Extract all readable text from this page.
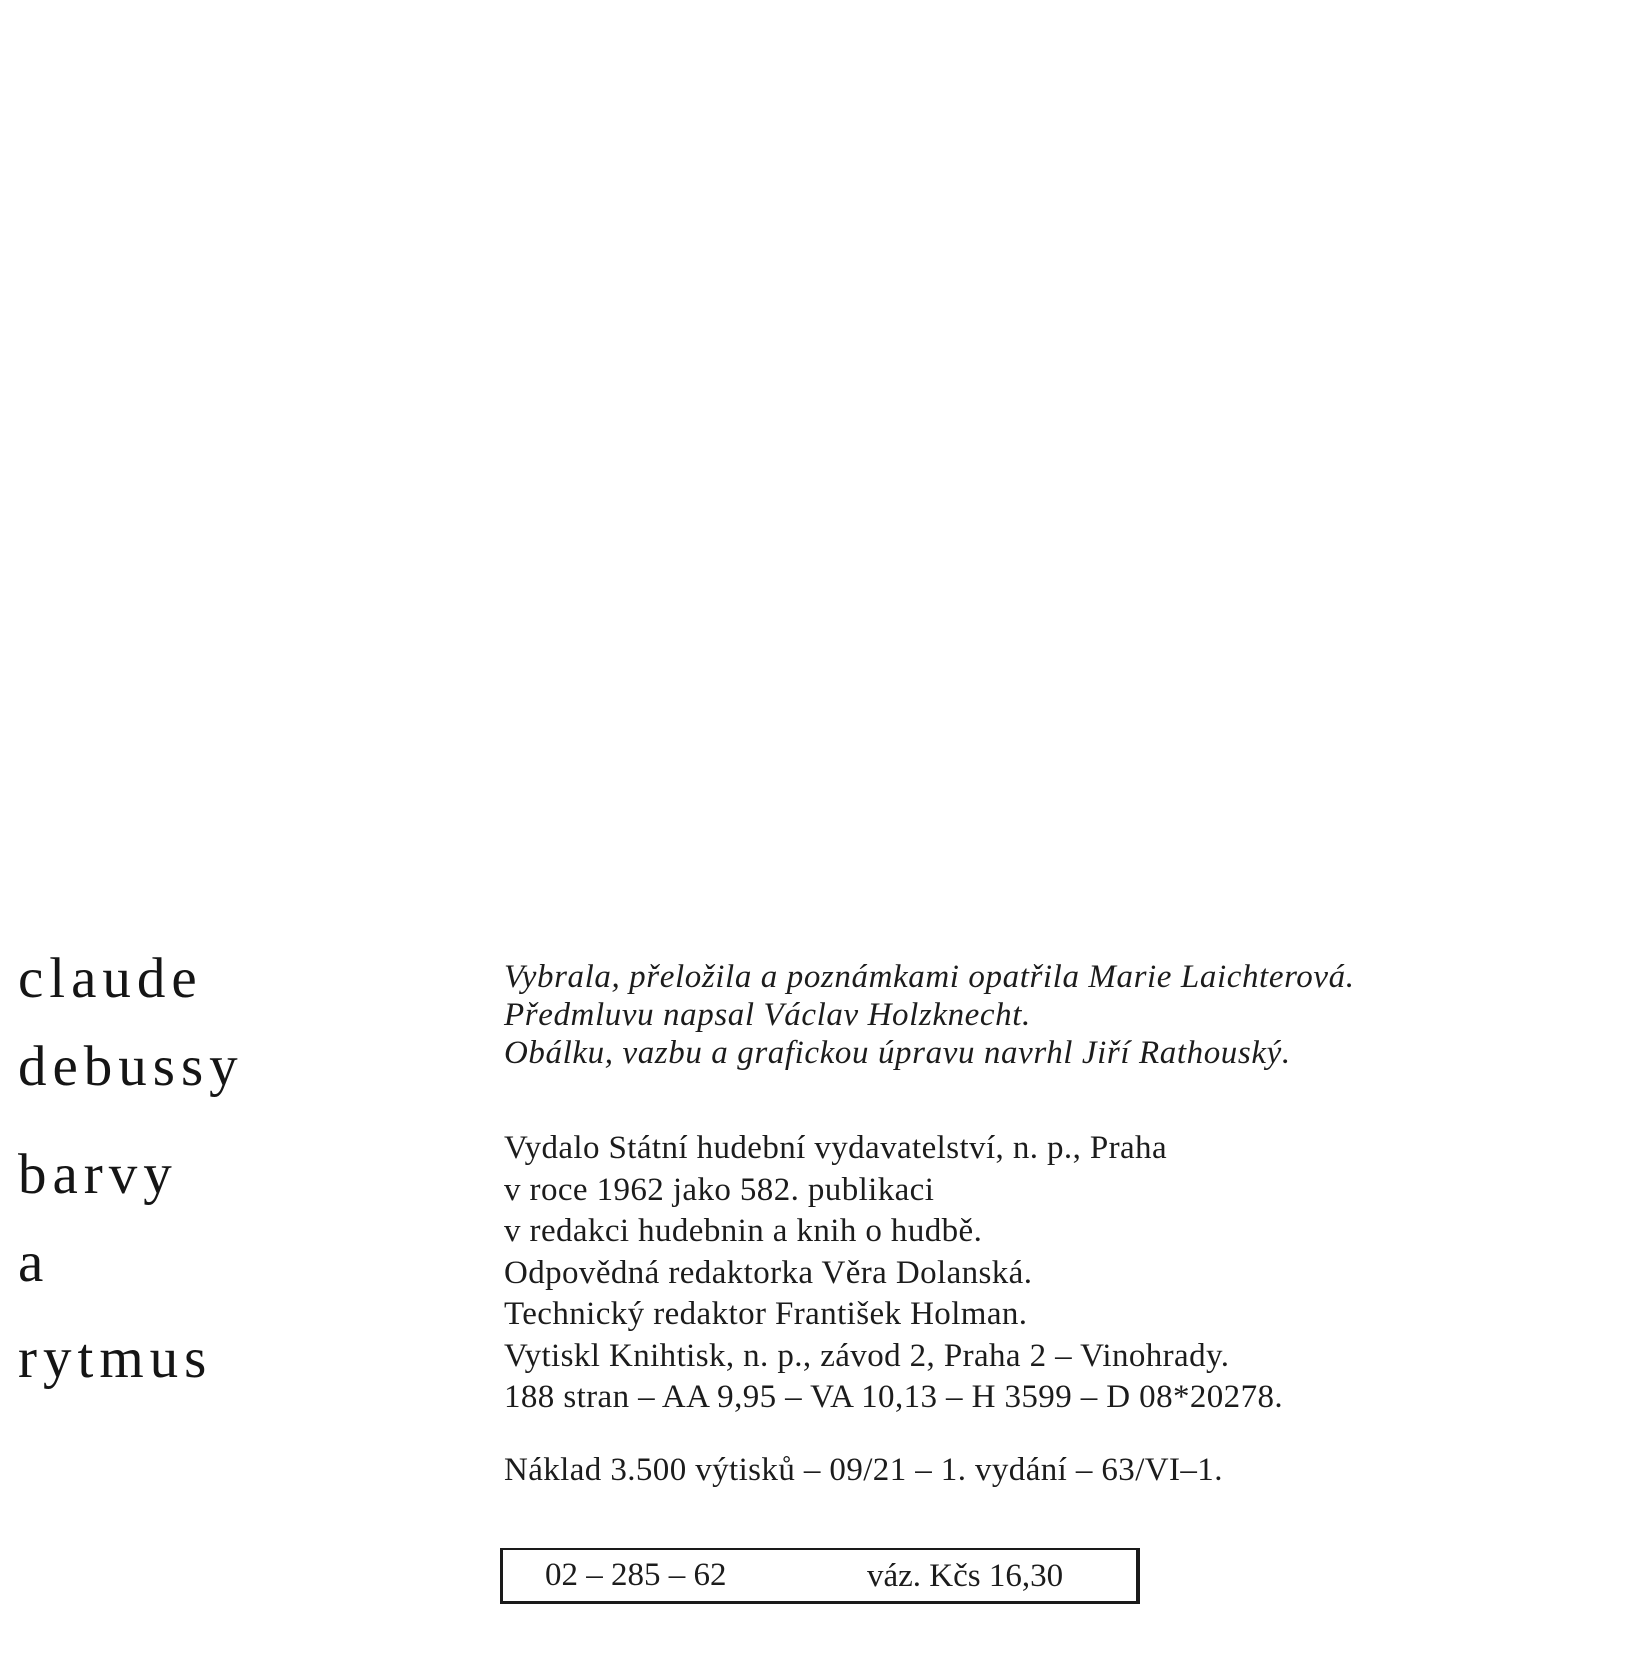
claude
debussy
barvy
a
rytmus
Vybrala, přeložila a poznámkami opatřila Marie Laichterová.
Předmluvu napsal Václav Holzknecht.
Obálku, vazbu a grafickou úpravu navrhl Jiří Rathouský.
Vydalo Státní hudební vydavatelství, n. p., Praha
v roce 1962 jako 582. publikaci
v redakci hudebnin a knih o hudbě.
Odpovědná redaktorka Věra Dolanská.
Technický redaktor František Holman.
Vytiskl Knihtisk, n. p., závod 2, Praha 2 – Vinohrady.
188 stran – AA 9,95 – VA 10,13 – H 3599 – D 08*20278.
Náklad 3.500 výtisků – 09/21 – 1. vydání – 63/VI–1.
02 – 285 – 62	váz. Kčs 16,30
